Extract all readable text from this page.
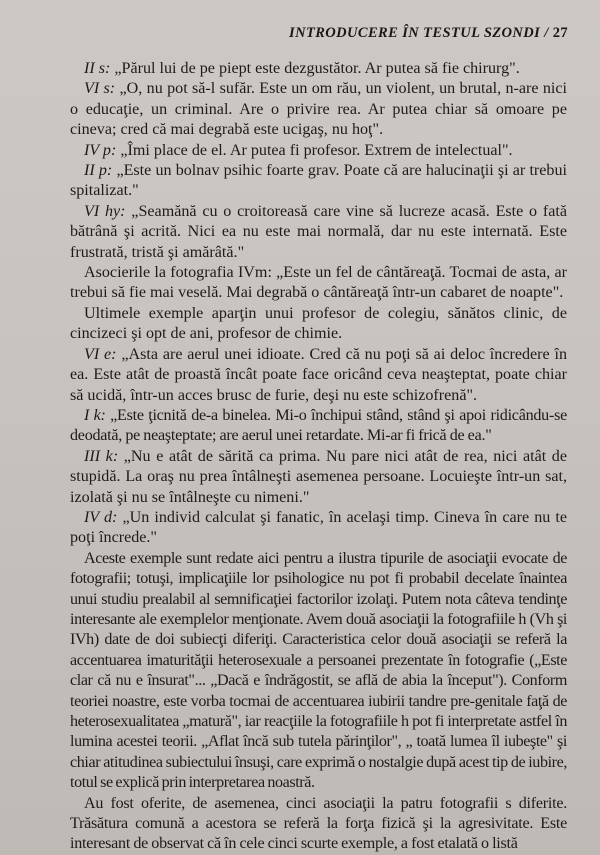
INTRODUCERE ÎN TESTUL SZONDI / 27

II s: „Părul lui de pe piept este dezgustător. Ar putea să fie chirurg".

VI s: „O, nu pot să-l sufăr. Este un om rău, un violent, un brutal, n-are nici o educaţie, un criminal. Are o privire rea. Ar putea chiar să omoare pe cineva; cred că mai degrabă este ucigaş, nu hoţ".

IV p: „Îmi place de el. Ar putea fi profesor. Extrem de intelectual".

II p: „Este un bolnav psihic foarte grav. Poate că are halucinaţii şi ar trebui spitalizat."

VI hy: „Seamănă cu o croitoreasă care vine să lucreze acasă. Este o fată bătrână şi acrită. Nici ea nu este mai normală, dar nu este internată. Este frustrată, tristă şi amărâtă."

Asocierile la fotografia IVm: „Este un fel de cântăreaţă. Tocmai de asta, ar trebui să fie mai veselă. Mai degrabă o cântăreaţă într-un cabaret de noapte".

Ultimele exemple aparţin unui profesor de colegiu, sănătos clinic, de cincizeci şi opt de ani, profesor de chimie.

VI e: „Asta are aerul unei idioate. Cred că nu poţi să ai deloc încredere în ea. Este atât de proastă încât poate face oricând ceva neaşteptat, poate chiar să ucidă, într-un acces brusc de furie, deşi nu este schizofrenă".

I k: „Este ţicnită de-a binelea. Mi-o închipui stând, stând şi apoi ridicându-se deodată, pe neaşteptate; are aerul unei retardate. Mi-ar fi frică de ea."

III k: „Nu e atât de sărită ca prima. Nu pare nici atât de rea, nici atât de stupidă. La oraş nu prea întâlneşti asemenea persoane. Locuieşte într-un sat, izolată şi nu se întâlneşte cu nimeni."

IV d: „Un individ calculat şi fanatic, în acelaşi timp. Cineva în care nu te poţi încrede."

Aceste exemple sunt redate aici pentru a ilustra tipurile de asociaţii evocate de fotografii; totuşi, implicaţiile lor psihologice nu pot fi probabil decelate înaintea unui studiu prealabil al semnificaţiei factorilor izolaţi. Putem nota câteva tendinţe interesante ale exemplelor menţionate. Avem două asociaţii la fotografiile h (Vh şi IVh) date de doi subiecţi diferiţi. Caracteristica celor două asociaţii se referă la accentuarea imaturităţii heterosexuale a persoanei prezentate în fotografie („Este clar că nu e însurat"... „Dacă e îndrăgostit, se află de abia la început"). Conform teoriei noastre, este vorba tocmai de accentuarea iubirii tandre pre-genitale faţă de heterosexualitatea „matură", iar reacţiile la fotografiile h pot fi interpretate astfel în lumina acestei teorii. „Aflat încă sub tutela părinţilor", „ toată lumea îl iubeşte" şi chiar atitudinea subiectului însuşi, care exprimă o nostalgie după acest tip de iubire, totul se explică prin interpretarea noastră.

Au fost oferite, de asemenea, cinci asociaţii la patru fotografii s diferite. Trăsătura comună a acestora se referă la forţa fizică şi la agresivitate. Este interesant de observat că în cele cinci scurte exemple, a fost etalată o listă
